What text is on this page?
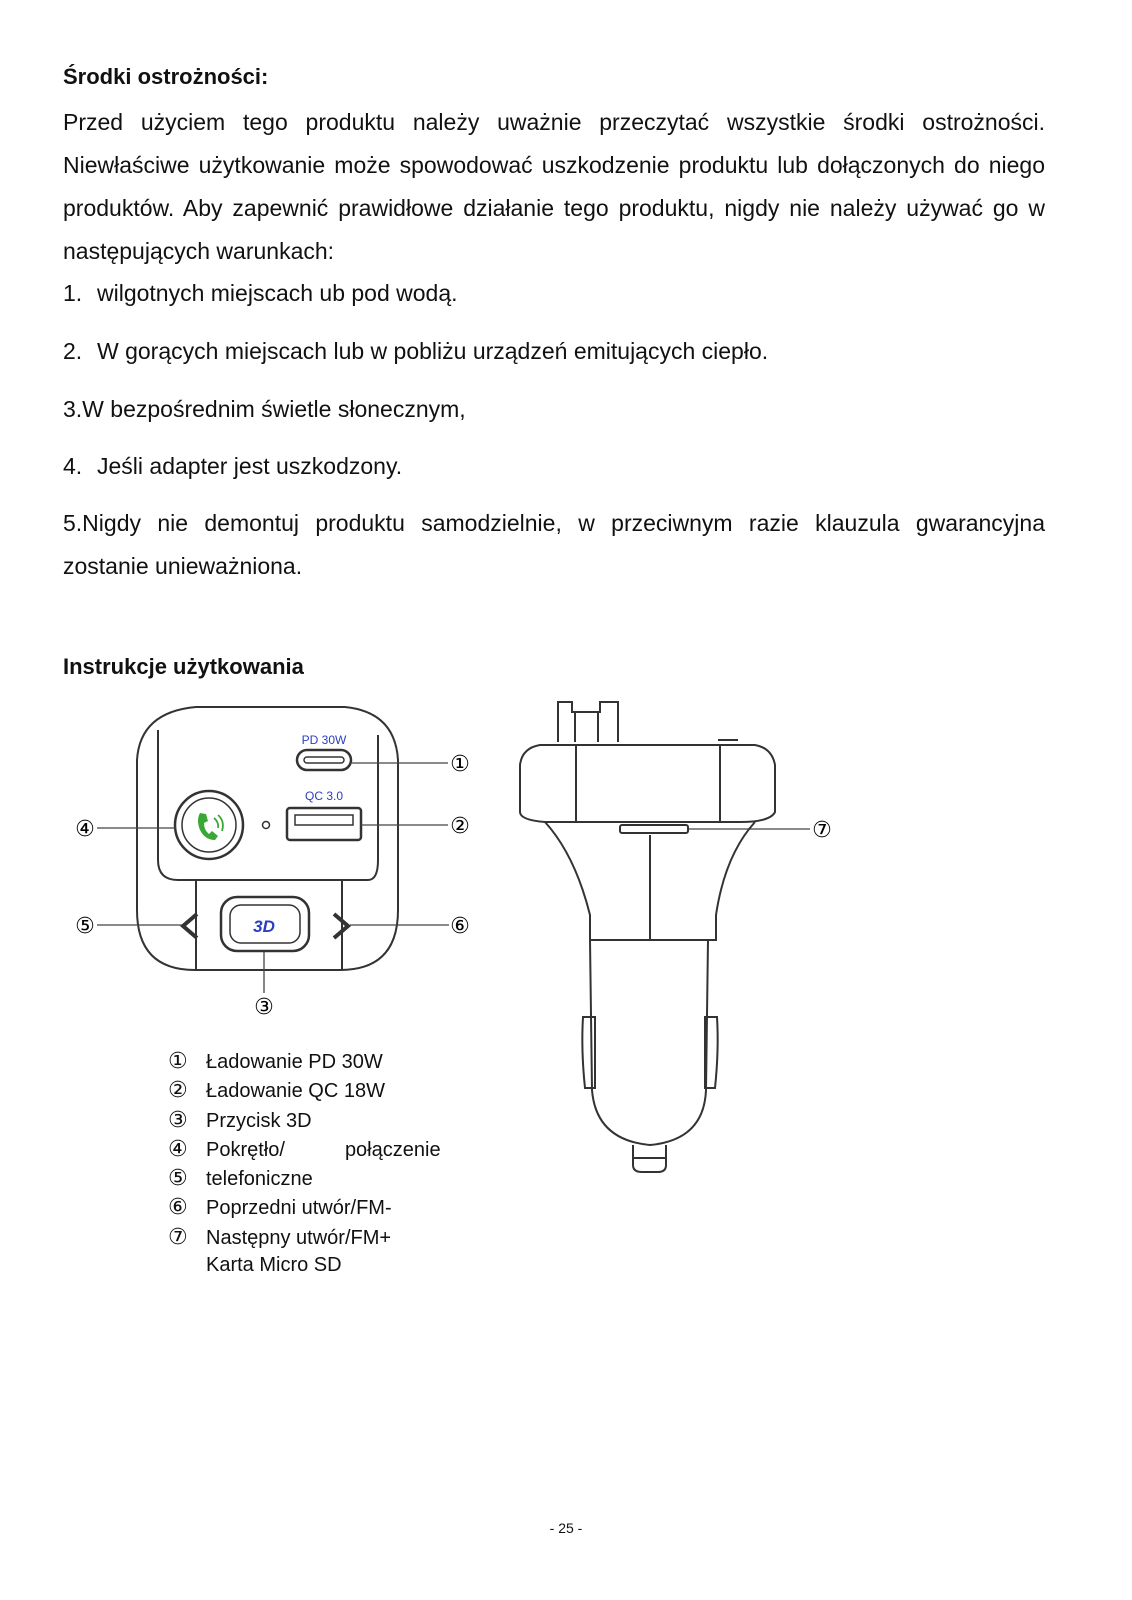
Środki ostrożności:
Przed użyciem tego produktu należy uważnie przeczytać wszystkie środki ostrożności. Niewłaściwe użytkowanie może spowodować uszkodzenie produktu lub dołączonych do niego produktów. Aby zapewnić prawidłowe działanie tego produktu, nigdy nie należy używać go w następujących warunkach:
1. wilgotnych miejscach ub pod wodą.
2. W gorących miejscach lub w pobliżu urządzeń emitujących ciepło.
3.W bezpośrednim świetle słonecznym,
4. Jeśli adapter jest uszkodzony.
5.Nigdy nie demontuj produktu samodzielnie, w przeciwnym razie klauzula gwarancyjna zostanie unieważniona.
Instrukcje użytkowania
PD 30W
QC 3.0
3D
①
②
③
④
⑤	⑥
⑦
① Ładowanie PD 30W
② Ładowanie QC 18W
③ Przycisk 3D
④ Pokrętło/	połączenie
⑤ telefoniczne
⑥ Poprzedni utwór/FM-
⑦ Następny utwór/FM+
Karta Micro SD
- 25 -
